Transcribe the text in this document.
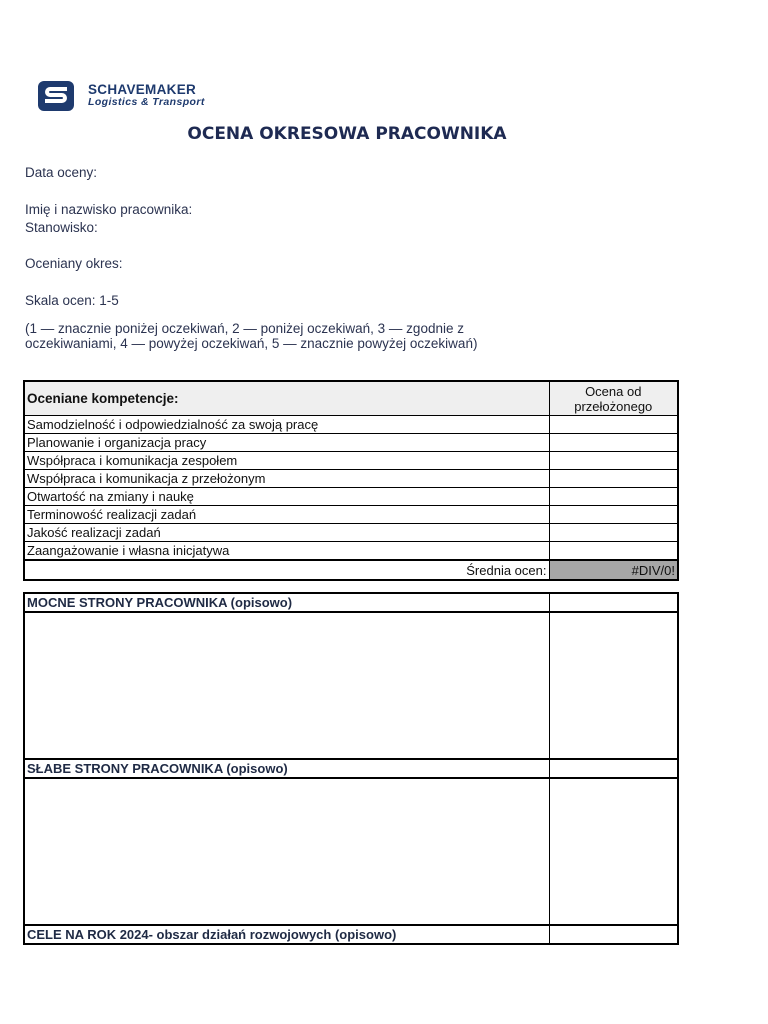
SCHAVEMAKER
Logistics & Transport
OCENA OKRESOWA PRACOWNIKA
Data oceny:
Imię i nazwisko pracownika:
Stanowisko:
Oceniany okres:
Skala ocen: 1-5
(1 — znacznie poniżej oczekiwań, 2 — poniżej oczekiwań, 3 — zgodnie z oczekiwaniami, 4 — powyżej oczekiwań, 5 — znacznie powyżej oczekiwań)
Oceniane kompetencje:	Ocena od przełożonego
Samodzielność i odpowiedzialność za swoją pracę	
Planowanie i organizacja pracy	
Współpraca i komunikacja zespołem	
Współpraca i komunikacja z przełożonym	
Otwartość na zmiany i naukę	
Terminowość realizacji zadań	
Jakość realizacji zadań	
Zaangażowanie i własna inicjatywa	
Średnia ocen:	#DIV/0!
MOCNE STRONY PRACOWNIKA (opisowo)	

SŁABE STRONY PRACOWNIKA (opisowo)	

CELE NA ROK 2024- obszar działań rozwojowych (opisowo)	
